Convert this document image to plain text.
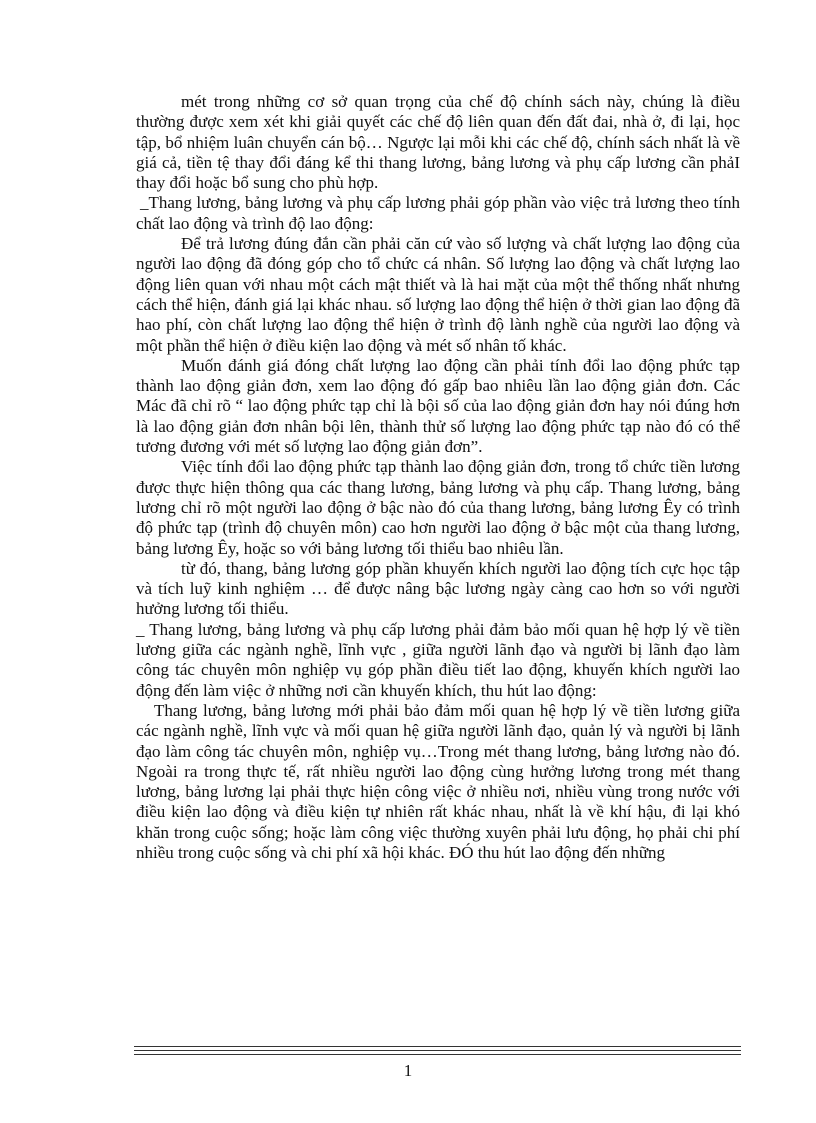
mét trong những cơ sở quan trọng của chế độ chính sách này, chúng là điều thường được xem xét khi giải quyết các chế độ liên quan đến đất đai, nhà ở, đi lại, học tập, bổ nhiệm luân chuyển cán bộ… Ngược lại mỗi khi các chế độ, chính sách nhất là về giá cả, tiền tệ thay đổi đáng kể thi thang lương, bảng lương và phụ cấp lương cần phảI thay đổi hoặc bổ sung cho phù hợp.

_Thang lương, bảng lương và phụ cấp lương phải góp phần vào việc trả lương theo tính chất lao động và trình độ lao động:

Để trả lương đúng đắn cần phải căn cứ vào số lượng và chất lượng lao động của người lao động đã đóng góp cho tổ chức cá nhân. Số lượng lao động và chất lượng lao động liên quan với nhau một cách mật thiết và là hai mặt của một thể thống nhất nhưng cách thể hiện, đánh giá lại khác nhau. số lượng lao động thể hiện ở thời gian lao động đã hao phí, còn chất lượng lao động thể hiện ở trình độ lành nghề của người lao động và một phần thể hiện ở điều kiện lao động và mét số nhân tố khác.

Muốn đánh giá đóng chất lượng lao động cần phải tính đổi lao động phức tạp thành lao động giản đơn, xem lao động đó gấp bao nhiêu lần lao động giản đơn. Các Mác đã chỉ rõ “ lao động phức tạp chỉ là bội số của lao động giản đơn hay nói đúng hơn là lao động giản đơn nhân bội lên, thành thử số lượng lao động phức tạp nào đó có thể tương đương với mét số lượng lao động giản đơn”.

Việc tính đổi lao động phức tạp thành lao động giản đơn, trong tổ chức tiền lương được thực hiện thông qua các thang lương, bảng lương và phụ cấp. Thang lương, bảng lương chỉ rõ một người lao động ở bậc nào đó của thang lương, bảng lương Êy có trình độ phức tạp (trình độ chuyên môn) cao hơn người lao động ở bậc một của thang lương, bảng lương Êy, hoặc so với bảng lương tối thiểu bao nhiêu lần.

từ đó, thang, bảng lương góp phần khuyến khích người lao động tích cực học tập và tích luỹ kinh nghiệm … để được nâng bậc lương ngày càng cao hơn so với người hưởng lương tối thiểu.

_ Thang lương, bảng lương và phụ cấp lương phải đảm bảo mối quan hệ hợp lý về tiền lương giữa các ngành nghề, lĩnh vực , giữa người lãnh đạo và người bị lãnh đạo làm công tác chuyên môn nghiệp vụ góp phần điều tiết lao động, khuyến khích người lao động đến làm việc ở những nơi cần khuyến khích, thu hút lao động:

Thang lương, bảng lương mới phải bảo đảm mối quan hệ hợp lý về tiền lương giữa các ngành nghề, lĩnh vực và mối quan hệ giữa người lãnh đạo, quản lý và người bị lãnh đạo làm công tác chuyên môn, nghiệp vụ…Trong mét thang lương, bảng lương nào đó. Ngoài ra trong thực tế, rất nhiều người lao động cùng hưởng lương trong mét thang lương, bảng lương lại phải thực hiện công việc ở nhiều nơi, nhiều vùng trong nước với điều kiện lao động và điều kiện tự nhiên rất khác nhau, nhất là về khí hậu, đi lại khó khăn trong cuộc sống; hoặc làm công việc thường xuyên phải lưu động, họ phải chi phí nhiều trong cuộc sống và chi phí xã hội khác. ĐÓ thu hút lao động đến những

1
